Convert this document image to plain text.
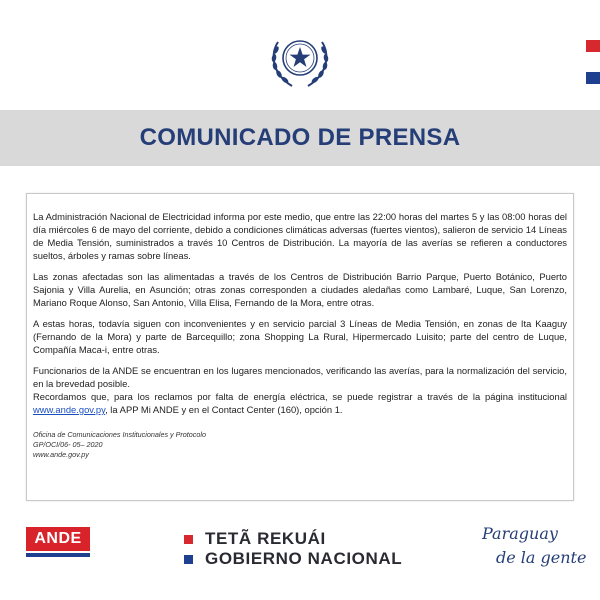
COMUNICADO DE PRENSA

La Administración Nacional de Electricidad informa por este medio, que entre las 22:00 horas del martes 5 y las 08:00 horas del día miércoles 6 de mayo del corriente, debido a condiciones climáticas adversas (fuertes vientos), salieron de servicio 14 Líneas de Media Tensión, suministrados a través 10 Centros de Distribución. La mayoría de las averías se refieren a conductores sueltos, árboles y ramas sobre líneas.

Las zonas afectadas son las alimentadas a través de los Centros de Distribución Barrio Parque, Puerto Botánico, Puerto Sajonia y Villa Aurelia, en Asunción; otras zonas corresponden a ciudades aledañas como Lambaré, Luque, San Lorenzo, Mariano Roque Alonso, San Antonio, Villa Elisa, Fernando de la Mora, entre otras.

A estas horas, todavía siguen con inconvenientes y en servicio parcial 3 Líneas de Media Tensión, en zonas de Ita Kaaguy (Fernando de la Mora) y parte de Barcequillo; zona Shopping La Rural, Hipermercado Luisito; parte del centro de Luque, Compañía Maca-i, entre otras.

Funcionarios de la ANDE se encuentran en los lugares mencionados, verificando las averías, para la normalización del servicio, en la brevedad posible.

Recordamos que, para los reclamos por falta de energía eléctrica, se puede registrar a través de la página institucional www.ande.gov.py, la APP Mi ANDE y en el Contact Center (160), opción 1.

Oficina de Comunicaciones Institucionales y Protocolo
GP/OCI/06- 05– 2020
www.ande.gov.py
ANDE	TETÃ REKUÁI
GOBIERNO NACIONAL
Paraguay
de la gente
